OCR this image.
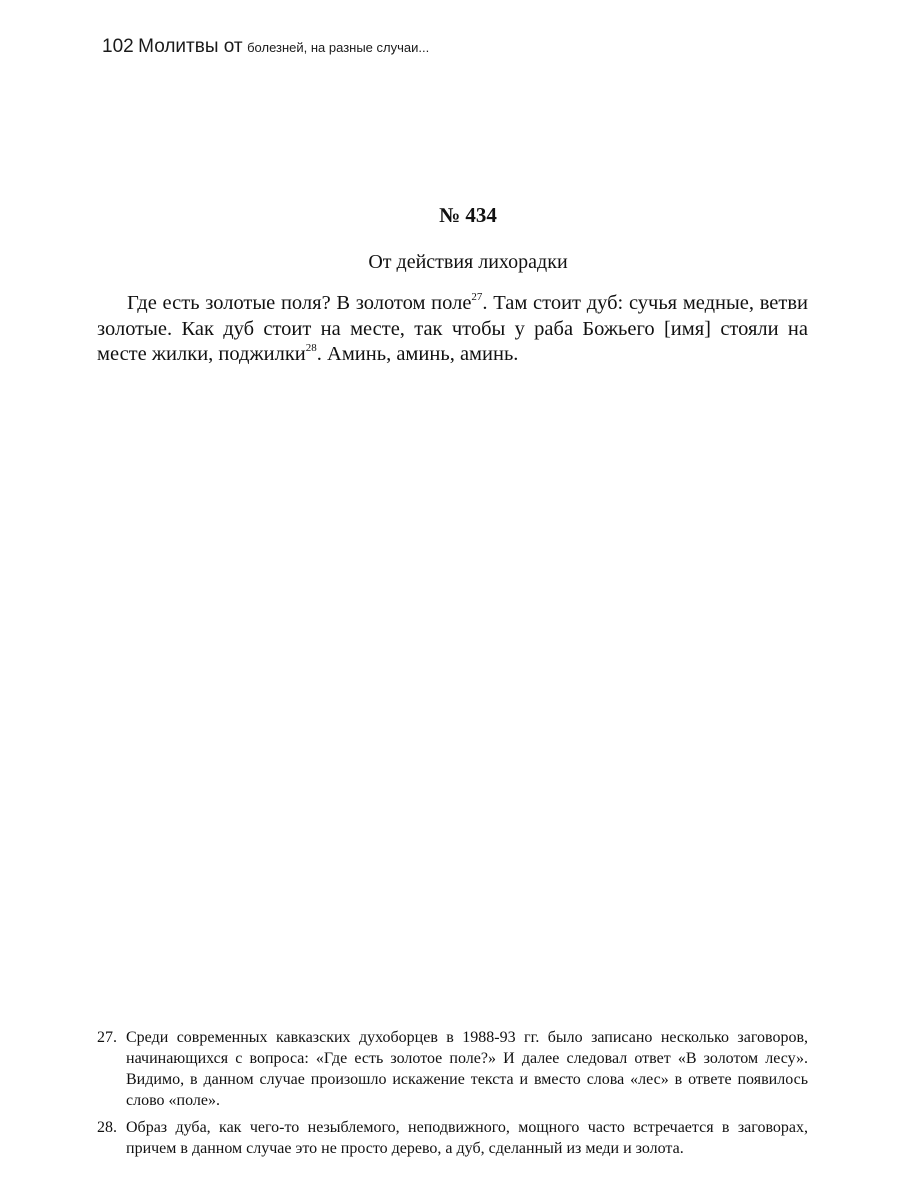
102 Молитвы от болезней, на разные случаи...
№ 434
От действия лихорадки

Где есть золотые поля? В золотом поле$^{27}$. Там стоит дуб: сучья медные, ветви золотые. Как дуб стоит на месте, так чтобы у раба Божьего [имя] стояли на месте жилки, поджилки$^{28}$. Аминь, аминь, аминь.

27. Среди современных кавказских духоборцев в 1988-93 гг. было записано несколько заговоров, начинающихся с вопроса: «Где есть золотое поле?» И далее следовал ответ «В золотом лесу». Видимо, в данном случае произошло искажение текста и вместо слова «лес» в ответе появилось слово «поле».
28. Образ дуба, как чего-то незыблемого, неподвижного, мощного часто встречается в заговорах, причем в данном случае это не просто дерево, а дуб, сделанный из меди и золота.
